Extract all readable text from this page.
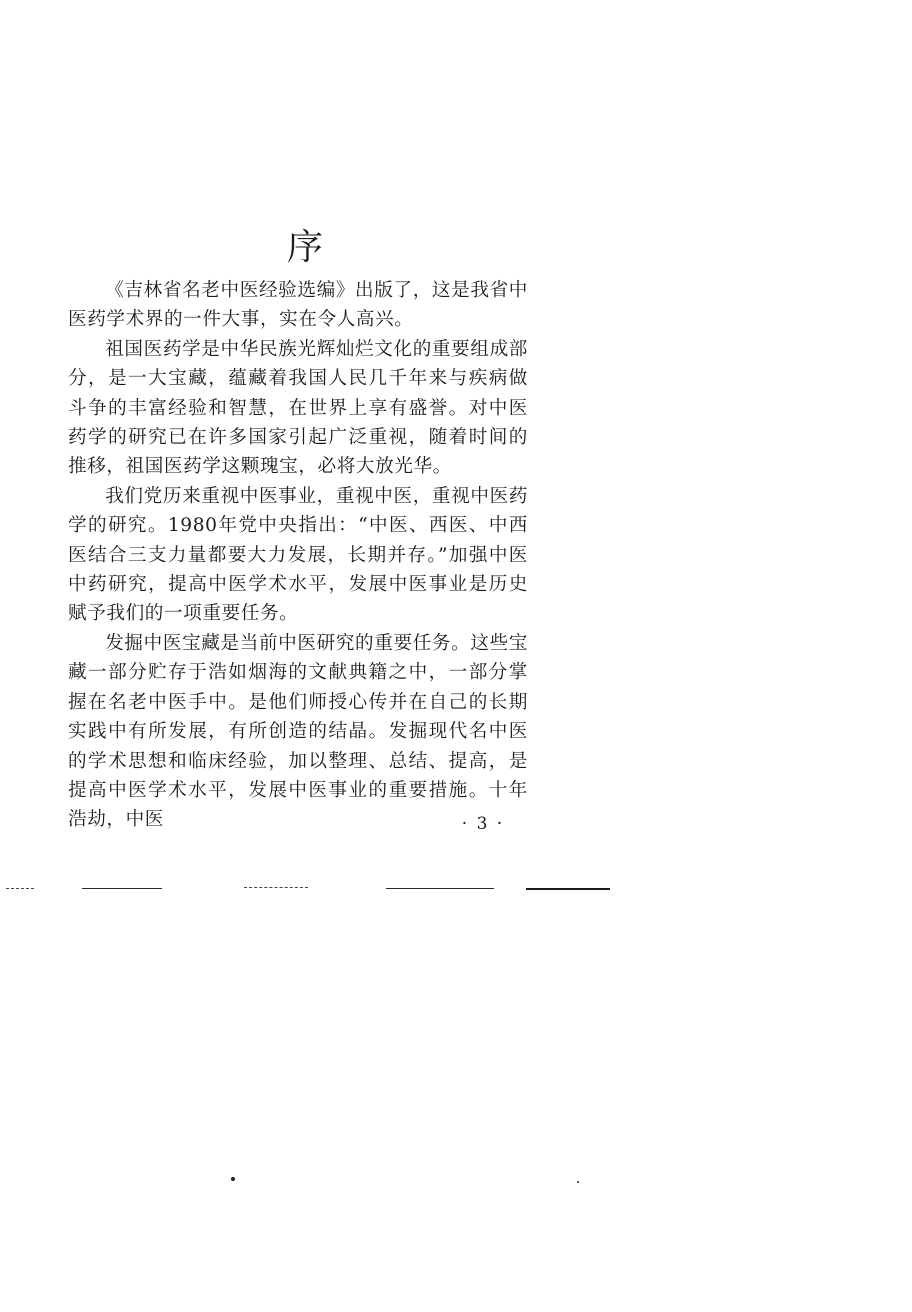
序

《吉林省名老中医经验选编》出版了，这是我省中医药学术界的一件大事，实在令人高兴。

祖国医药学是中华民族光辉灿烂文化的重要组成部分，是一大宝藏，蕴藏着我国人民几千年来与疾病做斗争的丰富经验和智慧，在世界上享有盛誉。对中医药学的研究已在许多国家引起广泛重视，随着时间的推移，祖国医药学这颗瑰宝，必将大放光华。

我们党历来重视中医事业，重视中医，重视中医药学的研究。1980年党中央指出：“中医、西医、中西医结合三支力量都要大力发展，长期并存。”加强中医中药研究，提高中医学术水平，发展中医事业是历史赋予我们的一项重要任务。

发掘中医宝藏是当前中医研究的重要任务。这些宝藏一部分贮存于浩如烟海的文献典籍之中，一部分掌握在名老中医手中。是他们师授心传并在自己的长期实践中有所发展，有所创造的结晶。发掘现代名中医的学术思想和临床经验，加以整理、总结、提高，是提高中医学术水平，发展中医事业的重要措施。十年浩劫，中医	· 3 ·
